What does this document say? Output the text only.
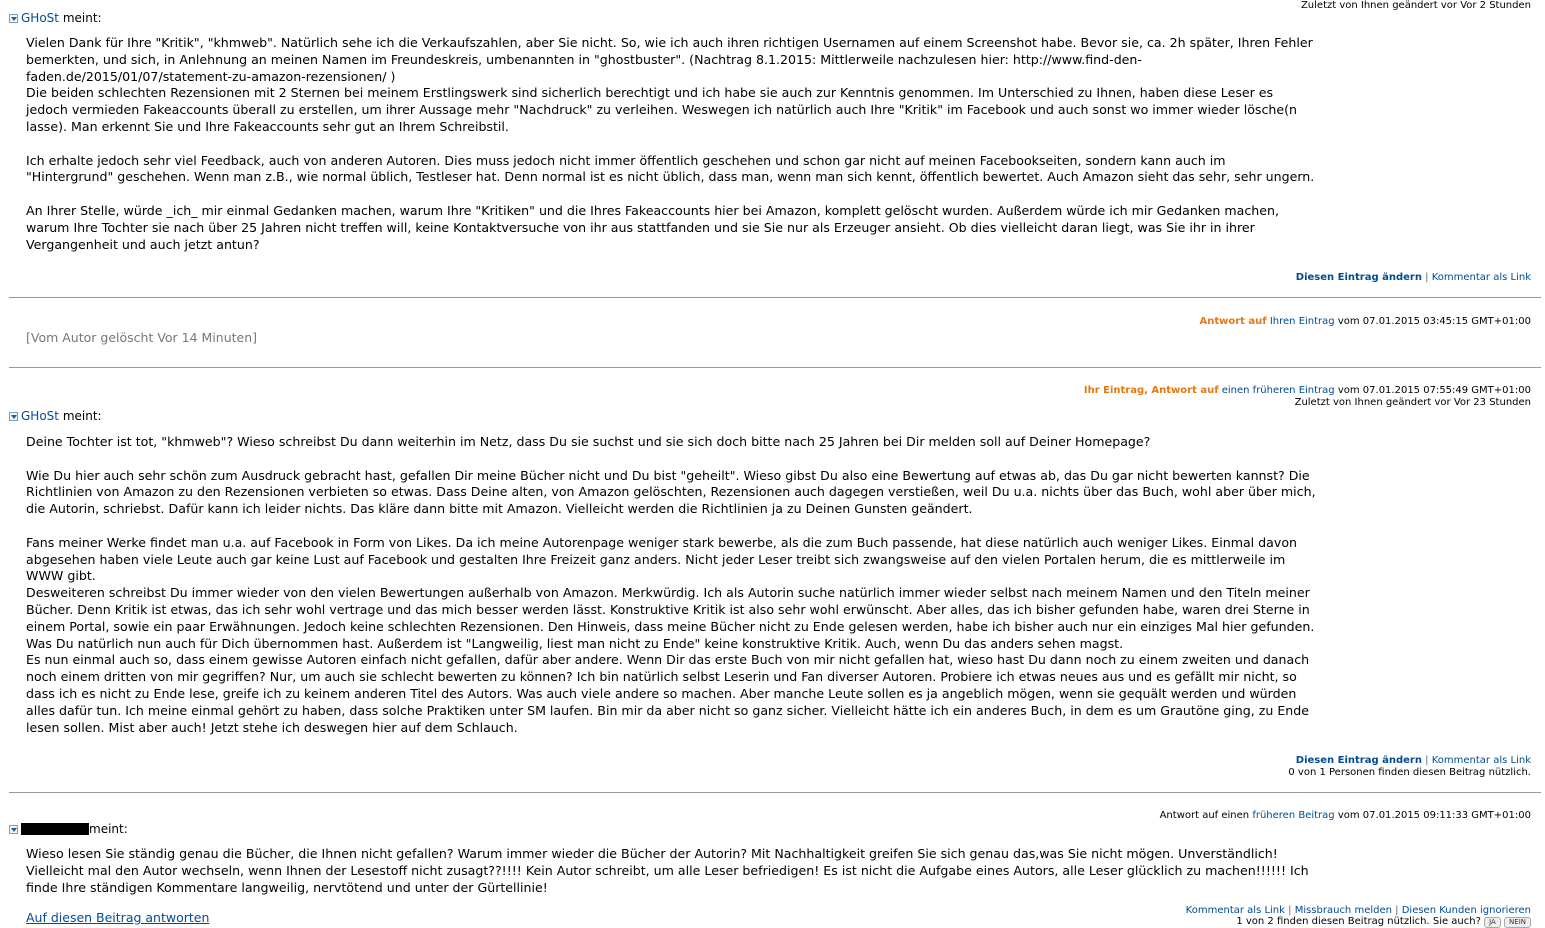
Zuletzt von Ihnen geändert vor Vor 2 Stunden
GHoSt meint:

Vielen Dank für Ihre "Kritik", "khmweb". Natürlich sehe ich die Verkaufszahlen, aber Sie nicht. So, wie ich auch ihren richtigen Usernamen auf einem Screenshot habe. Bevor sie, ca. 2h später, Ihren Fehler bemerkten, und sich, in Anlehnung an meinen Namen im Freundeskreis, umbenannten in "ghostbuster". (Nachtrag 8.1.2015: Mittlerweile nachzulesen hier: http://www.find-den-faden.de/2015/01/07/statement-zu-amazon-rezensionen/ )
Die beiden schlechten Rezensionen mit 2 Sternen bei meinem Erstlingswerk sind sicherlich berechtigt und ich habe sie auch zur Kenntnis genommen. Im Unterschied zu Ihnen, haben diese Leser es jedoch vermieden Fakeaccounts überall zu erstellen, um ihrer Aussage mehr "Nachdruck" zu verleihen. Weswegen ich natürlich auch Ihre "Kritik" im Facebook und auch sonst wo immer wieder lösche(n lasse). Man erkennt Sie und Ihre Fakeaccounts sehr gut an Ihrem Schreibstil.

Ich erhalte jedoch sehr viel Feedback, auch von anderen Autoren. Dies muss jedoch nicht immer öffentlich geschehen und schon gar nicht auf meinen Facebookseiten, sondern kann auch im "Hintergrund" geschehen. Wenn man z.B., wie normal üblich, Testleser hat. Denn normal ist es nicht üblich, dass man, wenn man sich kennt, öffentlich bewertet. Auch Amazon sieht das sehr, sehr ungern.

An Ihrer Stelle, würde _ich_ mir einmal Gedanken machen, warum Ihre "Kritiken" und die Ihres Fakeaccounts hier bei Amazon, komplett gelöscht wurden. Außerdem würde ich mir Gedanken machen, warum Ihre Tochter sie nach über 25 Jahren nicht treffen will, keine Kontaktversuche von ihr aus stattfanden und sie Sie nur als Erzeuger ansieht. Ob dies vielleicht daran liegt, was Sie ihr in ihrer Vergangenheit und auch jetzt antun?

Diesen Eintrag ändern | Kommentar als Link
Antwort auf Ihren Eintrag vom 07.01.2015 03:45:15 GMT+01:00
[Vom Autor gelöscht Vor 14 Minuten]
Ihr Eintrag, Antwort auf einen früheren Eintrag vom 07.01.2015 07:55:49 GMT+01:00
Zuletzt von Ihnen geändert vor Vor 23 Stunden
GHoSt meint:

Deine Tochter ist tot, "khmweb"? Wieso schreibst Du dann weiterhin im Netz, dass Du sie suchst und sie sich doch bitte nach 25 Jahren bei Dir melden soll auf Deiner Homepage?

Wie Du hier auch sehr schön zum Ausdruck gebracht hast, gefallen Dir meine Bücher nicht und Du bist "geheilt". Wieso gibst Du also eine Bewertung auf etwas ab, das Du gar nicht bewerten kannst? Die Richtlinien von Amazon zu den Rezensionen verbieten so etwas. Dass Deine alten, von Amazon gelöschten, Rezensionen auch dagegen verstießen, weil Du u.a. nichts über das Buch, wohl aber über mich, die Autorin, schriebst. Dafür kann ich leider nichts. Das kläre dann bitte mit Amazon. Vielleicht werden die Richtlinien ja zu Deinen Gunsten geändert.

Fans meiner Werke findet man u.a. auf Facebook in Form von Likes. Da ich meine Autorenpage weniger stark bewerbe, als die zum Buch passende, hat diese natürlich auch weniger Likes. Einmal davon abgesehen haben viele Leute auch gar keine Lust auf Facebook und gestalten Ihre Freizeit ganz anders. Nicht jeder Leser treibt sich zwangsweise auf den vielen Portalen herum, die es mittlerweile im WWW gibt.
Desweiteren schreibst Du immer wieder von den vielen Bewertungen außerhalb von Amazon. Merkwürdig. Ich als Autorin suche natürlich immer wieder selbst nach meinem Namen und den Titeln meiner Bücher. Denn Kritik ist etwas, das ich sehr wohl vertrage und das mich besser werden lässt. Konstruktive Kritik ist also sehr wohl erwünscht. Aber alles, das ich bisher gefunden habe, waren drei Sterne in einem Portal, sowie ein paar Erwähnungen. Jedoch keine schlechten Rezensionen. Den Hinweis, dass meine Bücher nicht zu Ende gelesen werden, habe ich bisher auch nur ein einziges Mal hier gefunden. Was Du natürlich nun auch für Dich übernommen hast. Außerdem ist "Langweilig, liest man nicht zu Ende" keine konstruktive Kritik. Auch, wenn Du das anders sehen magst.
Es nun einmal auch so, dass einem gewisse Autoren einfach nicht gefallen, dafür aber andere. Wenn Dir das erste Buch von mir nicht gefallen hat, wieso hast Du dann noch zu einem zweiten und danach noch einem dritten von mir gegriffen? Nur, um auch sie schlecht bewerten zu können? Ich bin natürlich selbst Leserin und Fan diverser Autoren. Probiere ich etwas neues aus und es gefällt mir nicht, so dass ich es nicht zu Ende lese, greife ich zu keinem anderen Titel des Autors. Was auch viele andere so machen. Aber manche Leute sollen es ja angeblich mögen, wenn sie gequält werden und würden alles dafür tun. Ich meine einmal gehört zu haben, dass solche Praktiken unter SM laufen. Bin mir da aber nicht so ganz sicher. Vielleicht hätte ich ein anderes Buch, in dem es um Grautöne ging, zu Ende lesen sollen. Mist aber auch! Jetzt stehe ich deswegen hier auf dem Schlauch.

Diesen Eintrag ändern | Kommentar als Link
0 von 1 Personen finden diesen Beitrag nützlich.
Antwort auf einen früheren Beitrag vom 07.01.2015 09:11:33 GMT+01:00
meint:

Wieso lesen Sie ständig genau die Bücher, die Ihnen nicht gefallen? Warum immer wieder die Bücher der Autorin? Mit Nachhaltigkeit greifen Sie sich genau das,was Sie nicht mögen. Unverständlich!
Vielleicht mal den Autor wechseln, wenn Ihnen der Lesestoff nicht zusagt??!!!! Kein Autor schreibt, um alle Leser befriedigen! Es ist nicht die Aufgabe eines Autors, alle Leser glücklich zu machen!!!!!! Ich finde Ihre ständigen Kommentare langweilig, nervtötend und unter der Gürtellinie!

Auf diesen Beitrag antworten	Kommentar als Link | Missbrauch melden | Diesen Kunden ignorieren
1 von 2 finden diesen Beitrag nützlich. Sie auch? JA NEIN
